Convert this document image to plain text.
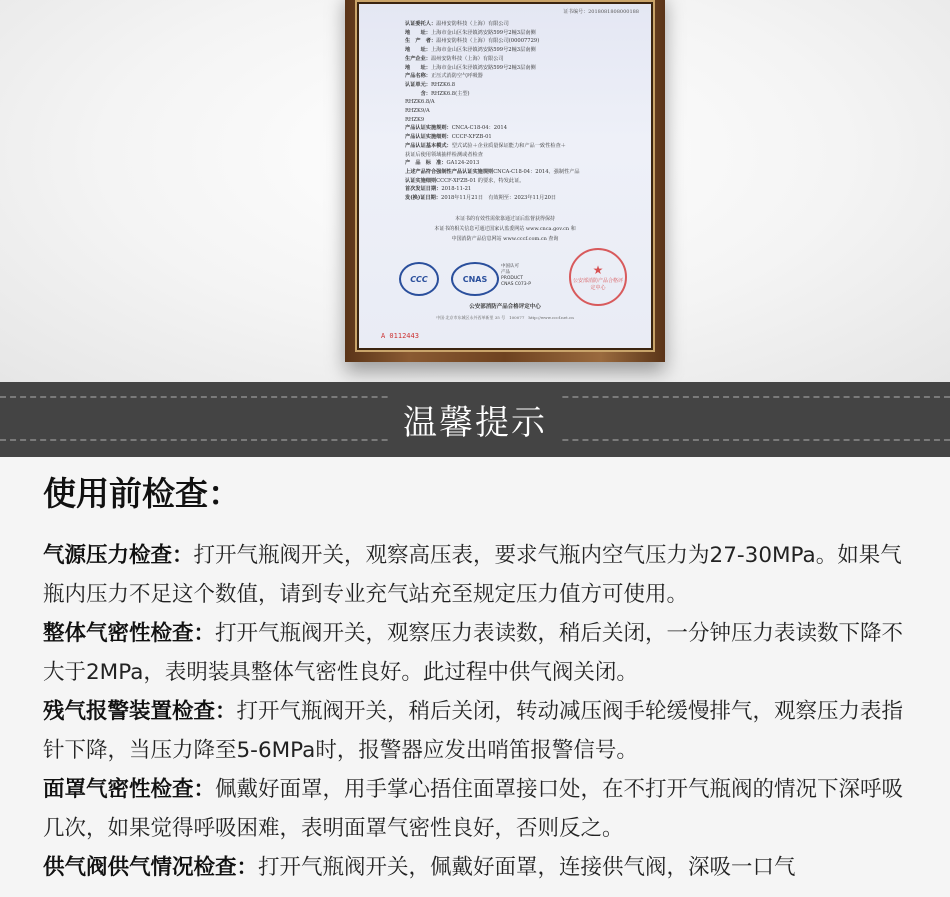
证书编号：2018081808000188
认证委托人：温州安防科技（上海）有限公司
地　　址：上海市金山区朱泾镇鸿安路599号2幢3层南侧
生　产　者：温州安防科技（上海）有限公司(00007729)
地　　址：上海市金山区朱泾镇鸿安路599号2幢3层南侧
生产企业：温州安防科技（上海）有限公司
地　　址：上海市金山区朱泾镇鸿安路599号2幢3层南侧
产品名称：正压式消防空气呼吸器
认证单元：RHZK6.8
　　　含：RHZK6.8(主型)
RHZK6.8/A
RHZK9/A
RHZK9
产品认证实施规则：CNCA-C18-04：2014
产品认证实施细则：CCCF-XFZB-01
产品认证基本模式：型式试验＋企业质量保证能力和产品一致性检查＋
获证后使用领域抽样检测或者检查
产　品　标　准：GA124-2013
上述产品符合强制性产品认证实施规则CNCA-C18-04：2014、强制性产品
认证实施细则CCCF-XFZB-01 的要求，特发此证。
首次发证日期：2018-11-21
发(换)证日期：2018年11月21日　有效期至：2023年11月20日
本证书的有效性需依靠通过证后监督获得保持
本证书的相关信息可通过国家认监委网站 www.cnca.gov.cn 和
中国消防产品信息网站 www.cccf.com.cn 查询
CCC	CNAS
中国认可
产品
PRODUCT
CNAS C073-P
★
公安部消防产品合格评定中心
公安部消防产品合格评定中心
中国·北京市东城区永外西革新里 35 号　100077　http://www.cccf.net.cn
A 0112443
温馨提示
使用前检查：

气源压力检查：打开气瓶阀开关，观察高压表，要求气瓶内空气压力为27-30MPa。如果气瓶内压力不足这个数值，请到专业充气站充至规定压力值方可使用。

整体气密性检查：打开气瓶阀开关，观察压力表读数，稍后关闭，一分钟压力表读数下降不大于2MPa，表明装具整体气密性良好。此过程中供气阀关闭。

残气报警装置检查：打开气瓶阀开关，稍后关闭，转动减压阀手轮缓慢排气，观察压力表指针下降，当压力降至5-6MPa时，报警器应发出哨笛报警信号。

面罩气密性检查：佩戴好面罩，用手掌心捂住面罩接口处，在不打开气瓶阀的情况下深呼吸几次，如果觉得呼吸困难，表明面罩气密性良好，否则反之。

供气阀供气情况检查：打开气瓶阀开关，佩戴好面罩，连接供气阀，深吸一口气
